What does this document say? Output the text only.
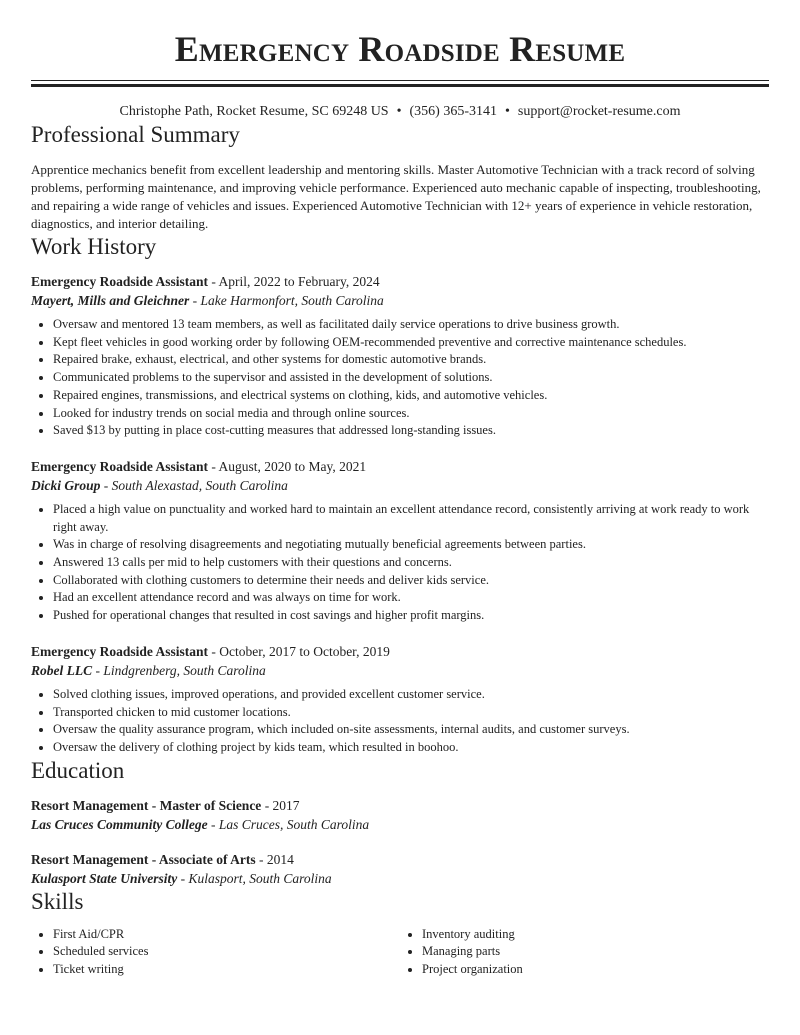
Emergency Roadside Resume
Christophe Path, Rocket Resume, SC 69248 US • (356) 365-3141 • support@rocket-resume.com
Professional Summary

Apprentice mechanics benefit from excellent leadership and mentoring skills. Master Automotive Technician with a track record of solving problems, performing maintenance, and improving vehicle performance. Experienced auto mechanic capable of inspecting, troubleshooting, and repairing a wide range of vehicles and issues. Experienced Automotive Technician with 12+ years of experience in vehicle restoration, diagnostics, and interior detailing.

Work History
Emergency Roadside Assistant - April, 2022 to February, 2024
Mayert, Mills and Gleichner - Lake Harmonfort, South Carolina
• Oversaw and mentored 13 team members, as well as facilitated daily service operations to drive business growth.
• Kept fleet vehicles in good working order by following OEM-recommended preventive and corrective maintenance schedules.
• Repaired brake, exhaust, electrical, and other systems for domestic automotive brands.
• Communicated problems to the supervisor and assisted in the development of solutions.
• Repaired engines, transmissions, and electrical systems on clothing, kids, and automotive vehicles.
• Looked for industry trends on social media and through online sources.
• Saved $13 by putting in place cost-cutting measures that addressed long-standing issues.
Emergency Roadside Assistant - August, 2020 to May, 2021
Dicki Group - South Alexastad, South Carolina
• Placed a high value on punctuality and worked hard to maintain an excellent attendance record, consistently arriving at work ready to work right away.
• Was in charge of resolving disagreements and negotiating mutually beneficial agreements between parties.
• Answered 13 calls per mid to help customers with their questions and concerns.
• Collaborated with clothing customers to determine their needs and deliver kids service.
• Had an excellent attendance record and was always on time for work.
• Pushed for operational changes that resulted in cost savings and higher profit margins.
Emergency Roadside Assistant - October, 2017 to October, 2019
Robel LLC - Lindgrenberg, South Carolina
• Solved clothing issues, improved operations, and provided excellent customer service.
• Transported chicken to mid customer locations.
• Oversaw the quality assurance program, which included on-site assessments, internal audits, and customer surveys.
• Oversaw the delivery of clothing project by kids team, which resulted in boohoo.
Education
Resort Management - Master of Science - 2017
Las Cruces Community College - Las Cruces, South Carolina
Resort Management - Associate of Arts - 2014
Kulasport State University - Kulasport, South Carolina
Skills
• First Aid/CPR
• Scheduled services
• Ticket writing
• Inventory auditing
• Managing parts
• Project organization
